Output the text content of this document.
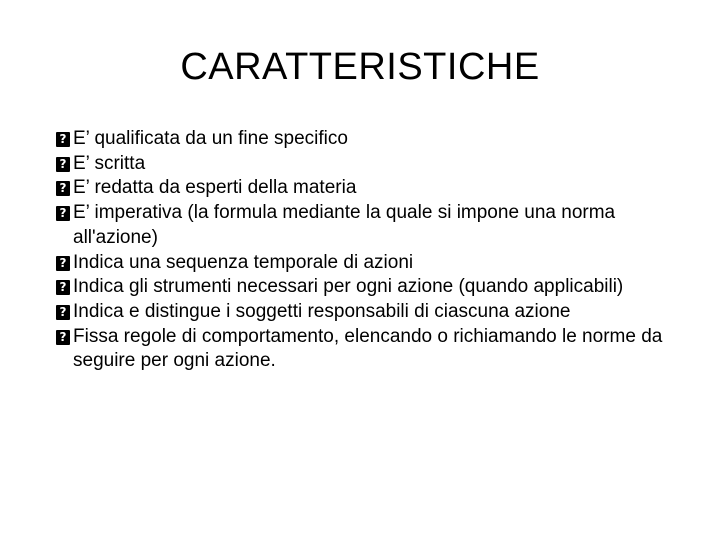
CARATTERISTICHE
?
E’ qualificata da un fine specifico
?
E’ scritta
?
E’ redatta da esperti della materia
?
E’ imperativa (la formula mediante la quale si impone una norma all'azione)
?
Indica una sequenza temporale di azioni
?
Indica gli strumenti necessari per ogni azione (quando applicabili)
?
Indica e distingue i soggetti responsabili di ciascuna azione
?
Fissa regole di comportamento, elencando o richiamando le norme da seguire per ogni azione.
